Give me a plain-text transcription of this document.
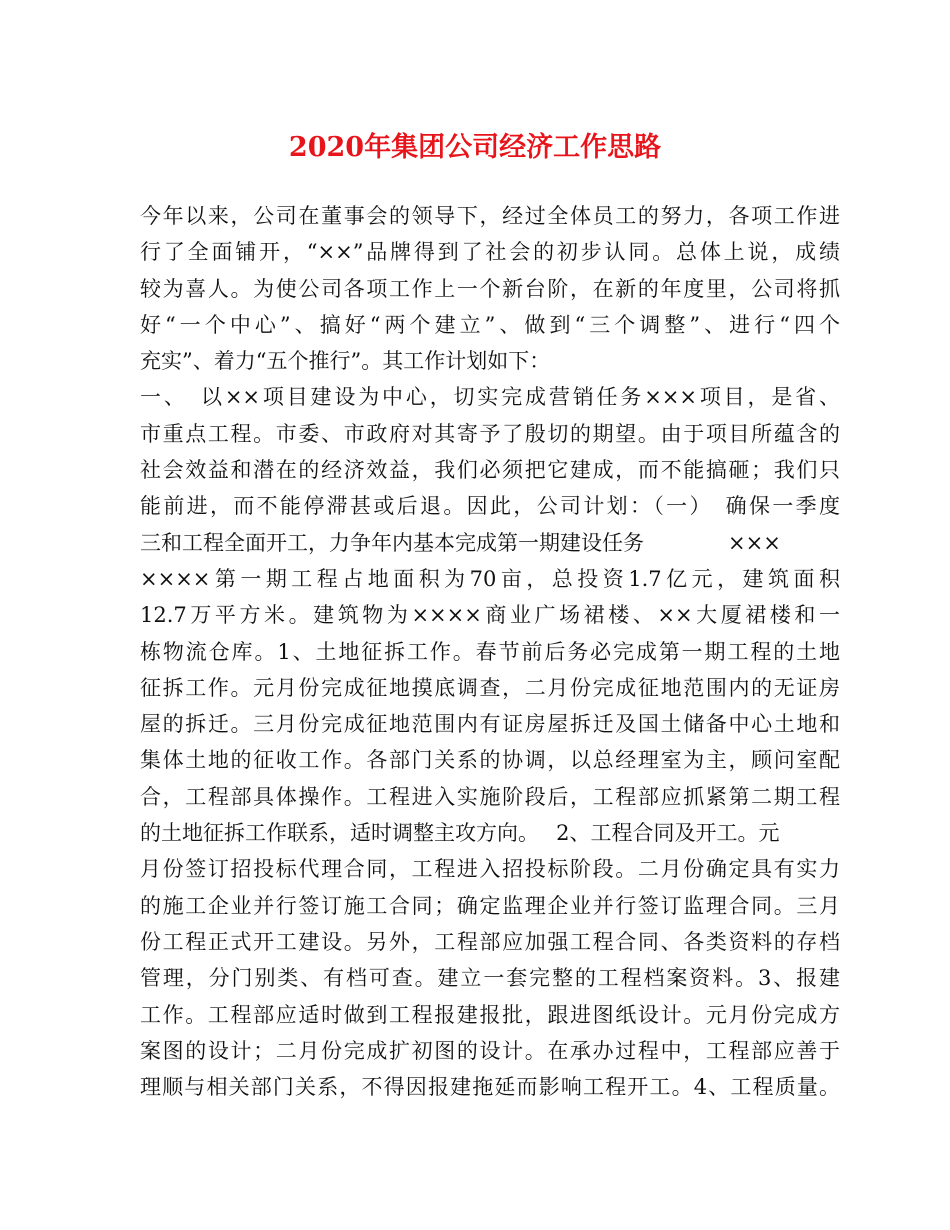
2020年集团公司经济工作思路

今年以来，公司在董事会的领导下，经过全体员工的努力，各项工作进

行了全面铺开，“××”品牌得到了社会的初步认同。总体上说，成绩

较为喜人。为使公司各项工作上一个新台阶，在新的年度里，公司将抓

好“一个中心”、搞好“两个建立”、做到“三个调整”、进行“四个

充实”、着力“五个推行”。其工作计划如下：

一、　以××项目建设为中心，切实完成营销任务×××项目，是省、

市重点工程。市委、市政府对其寄予了殷切的期望。由于项目所蕴含的

社会效益和潜在的经济效益，我们必须把它建成，而不能搞砸；我们只

能前进，而不能停滞甚或后退。因此，公司计划：（一）　确保一季度

三和工程全面开工，力争年内基本完成第一期建设任务　　　　×××

××××第一期工程占地面积为70亩，总投资1.7亿元，建筑面积

12.7万平方米。建筑物为××××商业广场裙楼、××大厦裙楼和一

栋物流仓库。1、土地征拆工作。春节前后务必完成第一期工程的土地

征拆工作。元月份完成征地摸底调查，二月份完成征地范围内的无证房

屋的拆迁。三月份完成征地范围内有证房屋拆迁及国土储备中心土地和

集体土地的征收工作。各部门关系的协调，以总经理室为主，顾问室配

合，工程部具体操作。工程进入实施阶段后，工程部应抓紧第二期工程

的土地征拆工作联系，适时调整主攻方向。　 2、工程合同及开工。元

月份签订招投标代理合同，工程进入招投标阶段。二月份确定具有实力

的施工企业并行签订施工合同；确定监理企业并行签订监理合同。三月

份工程正式开工建设。另外，工程部应加强工程合同、各类资料的存档

管理，分门别类、有档可查。建立一套完整的工程档案资料。3、报建

工作。工程部应适时做到工程报建报批，跟进图纸设计。元月份完成方

案图的设计；二月份完成扩初图的设计。在承办过程中，工程部应善于

理顺与相关部门关系，不得因报建拖延而影响工程开工。4、工程质量。
